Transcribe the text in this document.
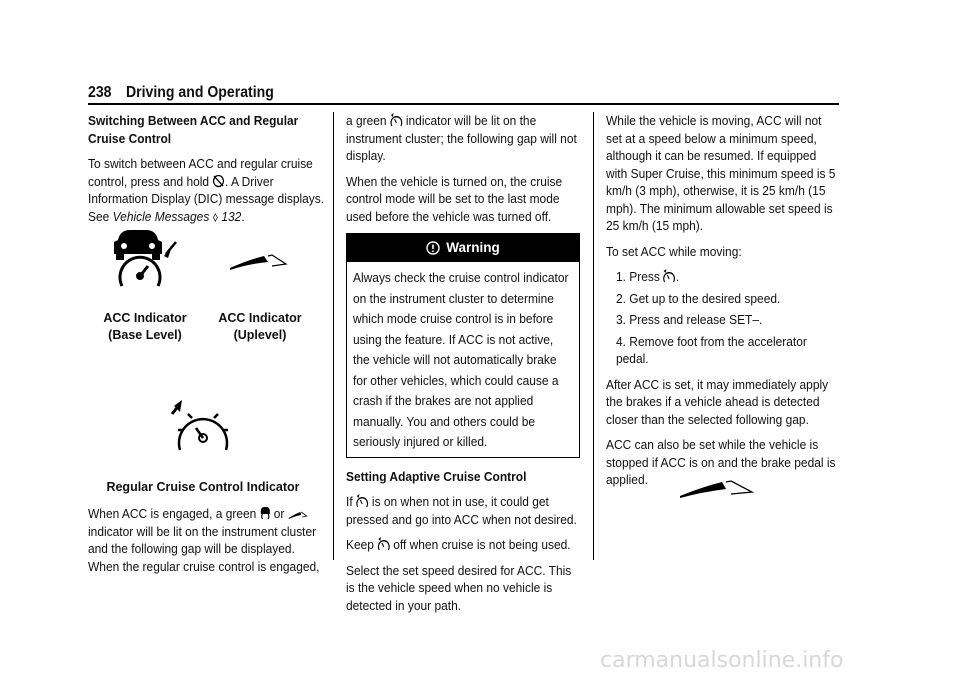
238 Driving and Operating

Switching Between ACC and Regular Cruise Control

To switch between ACC and regular cruise control, press and hold . A Driver Information Display (DIC) message displays. See Vehicle Messages ⬨ 132.

ACC Indicator
(Base Level)
ACC Indicator
(Uplevel)
Regular Cruise Control Indicator

When ACC is engaged, a green or  indicator will be lit on the instrument cluster and the following gap will be displayed. When the regular cruise control is engaged,

a green indicator will be lit on the instrument cluster; the following gap will not display.

When the vehicle is turned on, the cruise control mode will be set to the last mode used before the vehicle was turned off.

Warning
Always check the cruise control indicator on the instrument cluster to determine which mode cruise control is in before using the feature. If ACC is not active, the vehicle will not automatically brake for other vehicles, which could cause a crash if the brakes are not applied manually. You and others could be seriously injured or killed.

Setting Adaptive Cruise Control

If is on when not in use, it could get pressed and go into ACC when not desired.

Keep off when cruise is not being used.

Select the set speed desired for ACC. This is the vehicle speed when no vehicle is detected in your path.

While the vehicle is moving, ACC will not set at a speed below a minimum speed, although it can be resumed. If equipped with Super Cruise, this minimum speed is 5 km/h (3 mph), otherwise, it is 25 km/h (15 mph). The minimum allowable set speed is 25 km/h (15 mph).

To set ACC while moving:

1. Press .
2. Get up to the desired speed.
3. Press and release SET–.
4. Remove foot from the accelerator pedal.

After ACC is set, it may immediately apply the brakes if a vehicle ahead is detected closer than the selected following gap.

ACC can also be set while the vehicle is stopped if ACC is on and the brake pedal is applied.

carmanualsonline.info
